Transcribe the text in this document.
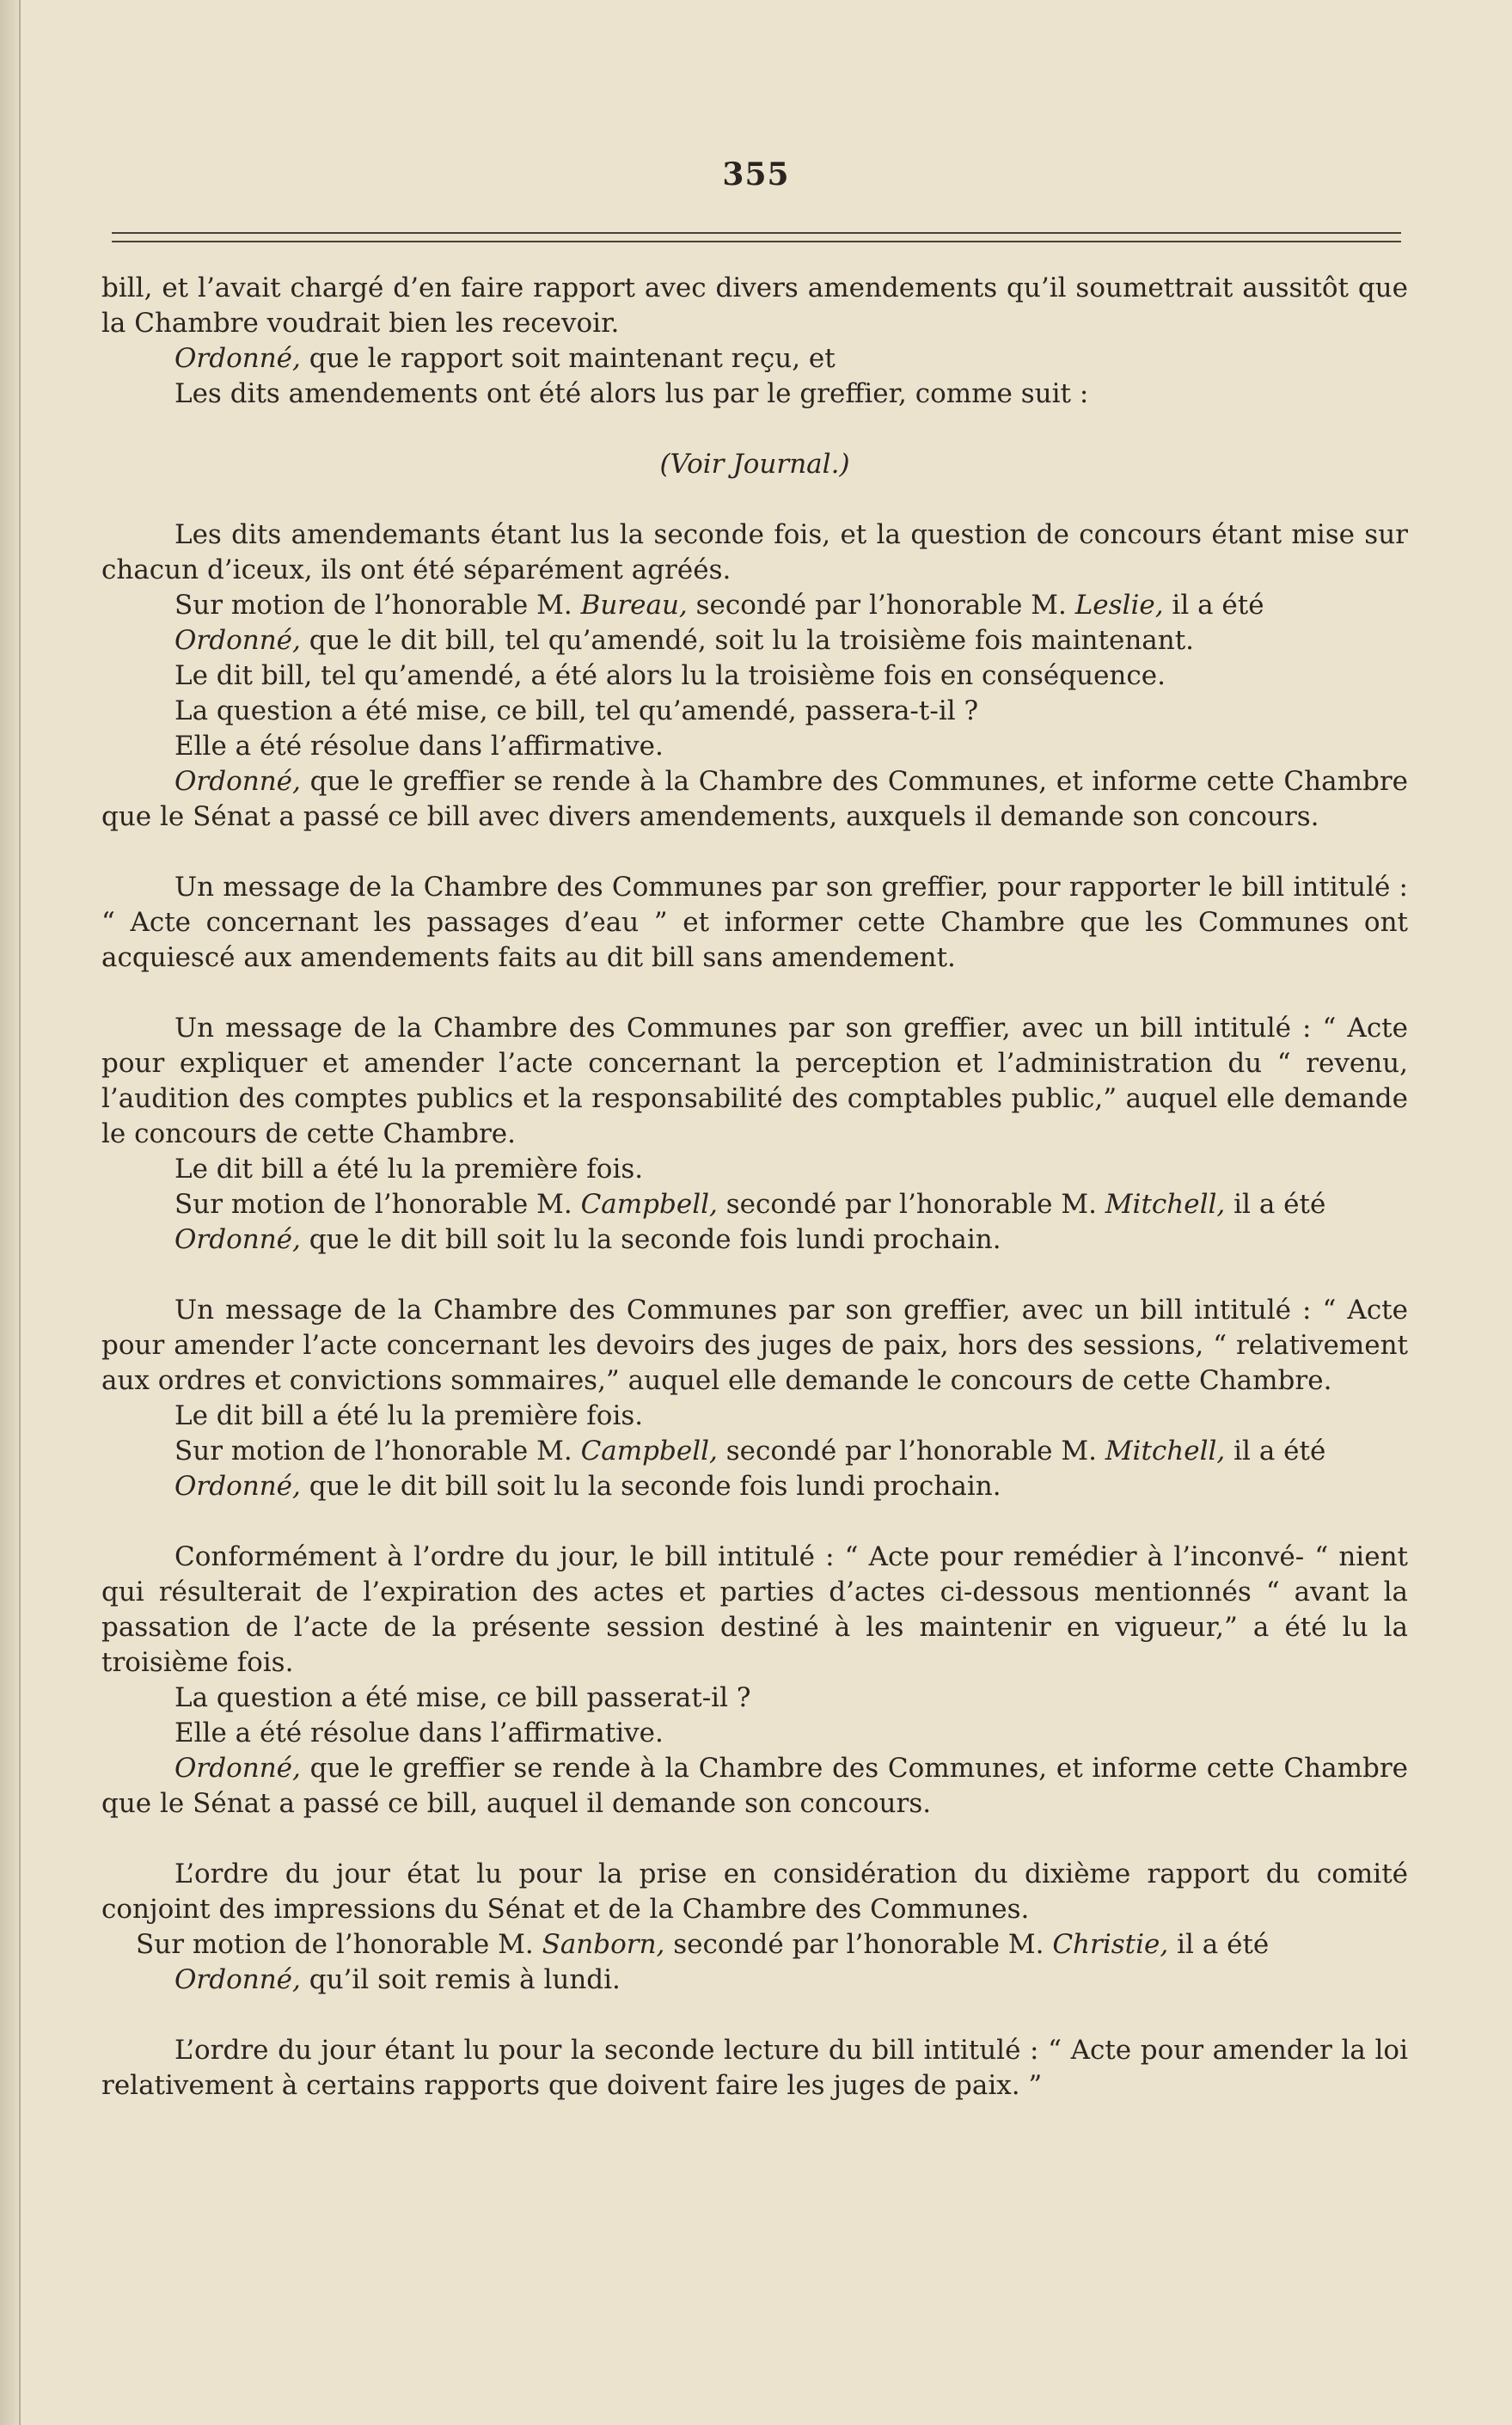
355

bill, et l’avait chargé d’en faire rapport avec divers amendements qu’il soumettrait aussitôt que la Chambre voudrait bien les recevoir.

Ordonné, que le rapport soit maintenant reçu, et

Les dits amendements ont été alors lus par le greffier, comme suit :

(Voir Journal.)

Les dits amendemants étant lus la seconde fois, et la question de concours étant mise sur chacun d’iceux, ils ont été séparément agréés.

Sur motion de l’honorable M. Bureau, secondé par l’honorable M. Leslie, il a été

Ordonné, que le dit bill, tel qu’amendé, soit lu la troisième fois maintenant.

Le dit bill, tel qu’amendé, a été alors lu la troisième fois en conséquence.

La question a été mise, ce bill, tel qu’amendé, passera-t-il ?

Elle a été résolue dans l’affirmative.

Ordonné, que le greffier se rende à la Chambre des Communes, et informe cette Chambre que le Sénat a passé ce bill avec divers amendements, auxquels il demande son concours.

Un message de la Chambre des Communes par son greffier, pour rapporter le bill intitulé : “ Acte concernant les passages d’eau ” et informer cette Chambre que les Communes ont acquiescé aux amendements faits au dit bill sans amendement.

Un message de la Chambre des Communes par son greffier, avec un bill intitulé : “ Acte pour expliquer et amender l’acte concernant la perception et l’administration du “ revenu, l’audition des comptes publics et la responsabilité des comptables public,” auquel elle demande le concours de cette Chambre.

Le dit bill a été lu la première fois.

Sur motion de l’honorable M. Campbell, secondé par l’honorable M. Mitchell, il a été

Ordonné, que le dit bill soit lu la seconde fois lundi prochain.

Un message de la Chambre des Communes par son greffier, avec un bill intitulé : “ Acte pour amender l’acte concernant les devoirs des juges de paix, hors des sessions, “ relativement aux ordres et convictions sommaires,” auquel elle demande le concours de cette Chambre.

Le dit bill a été lu la première fois.

Sur motion de l’honorable M. Campbell, secondé par l’honorable M. Mitchell, il a été

Ordonné, que le dit bill soit lu la seconde fois lundi prochain.

Conformément à l’ordre du jour, le bill intitulé : “ Acte pour remédier à l’inconvé- “ nient qui résulterait de l’expiration des actes et parties d’actes ci-dessous mentionnés “ avant la passation de l’acte de la présente session destiné à les maintenir en vigueur,” a été lu la troisième fois.

La question a été mise, ce bill passerat-il ?

Elle a été résolue dans l’affirmative.

Ordonné, que le greffier se rende à la Chambre des Communes, et informe cette Chambre que le Sénat a passé ce bill, auquel il demande son concours.

L’ordre du jour état lu pour la prise en considération du dixième rapport du comité conjoint des impressions du Sénat et de la Chambre des Communes.

Sur motion de l’honorable M. Sanborn, secondé par l’honorable M. Christie, il a été

Ordonné, qu’il soit remis à lundi.

L’ordre du jour étant lu pour la seconde lecture du bill intitulé : “ Acte pour amender la loi relativement à certains rapports que doivent faire les juges de paix. ”
